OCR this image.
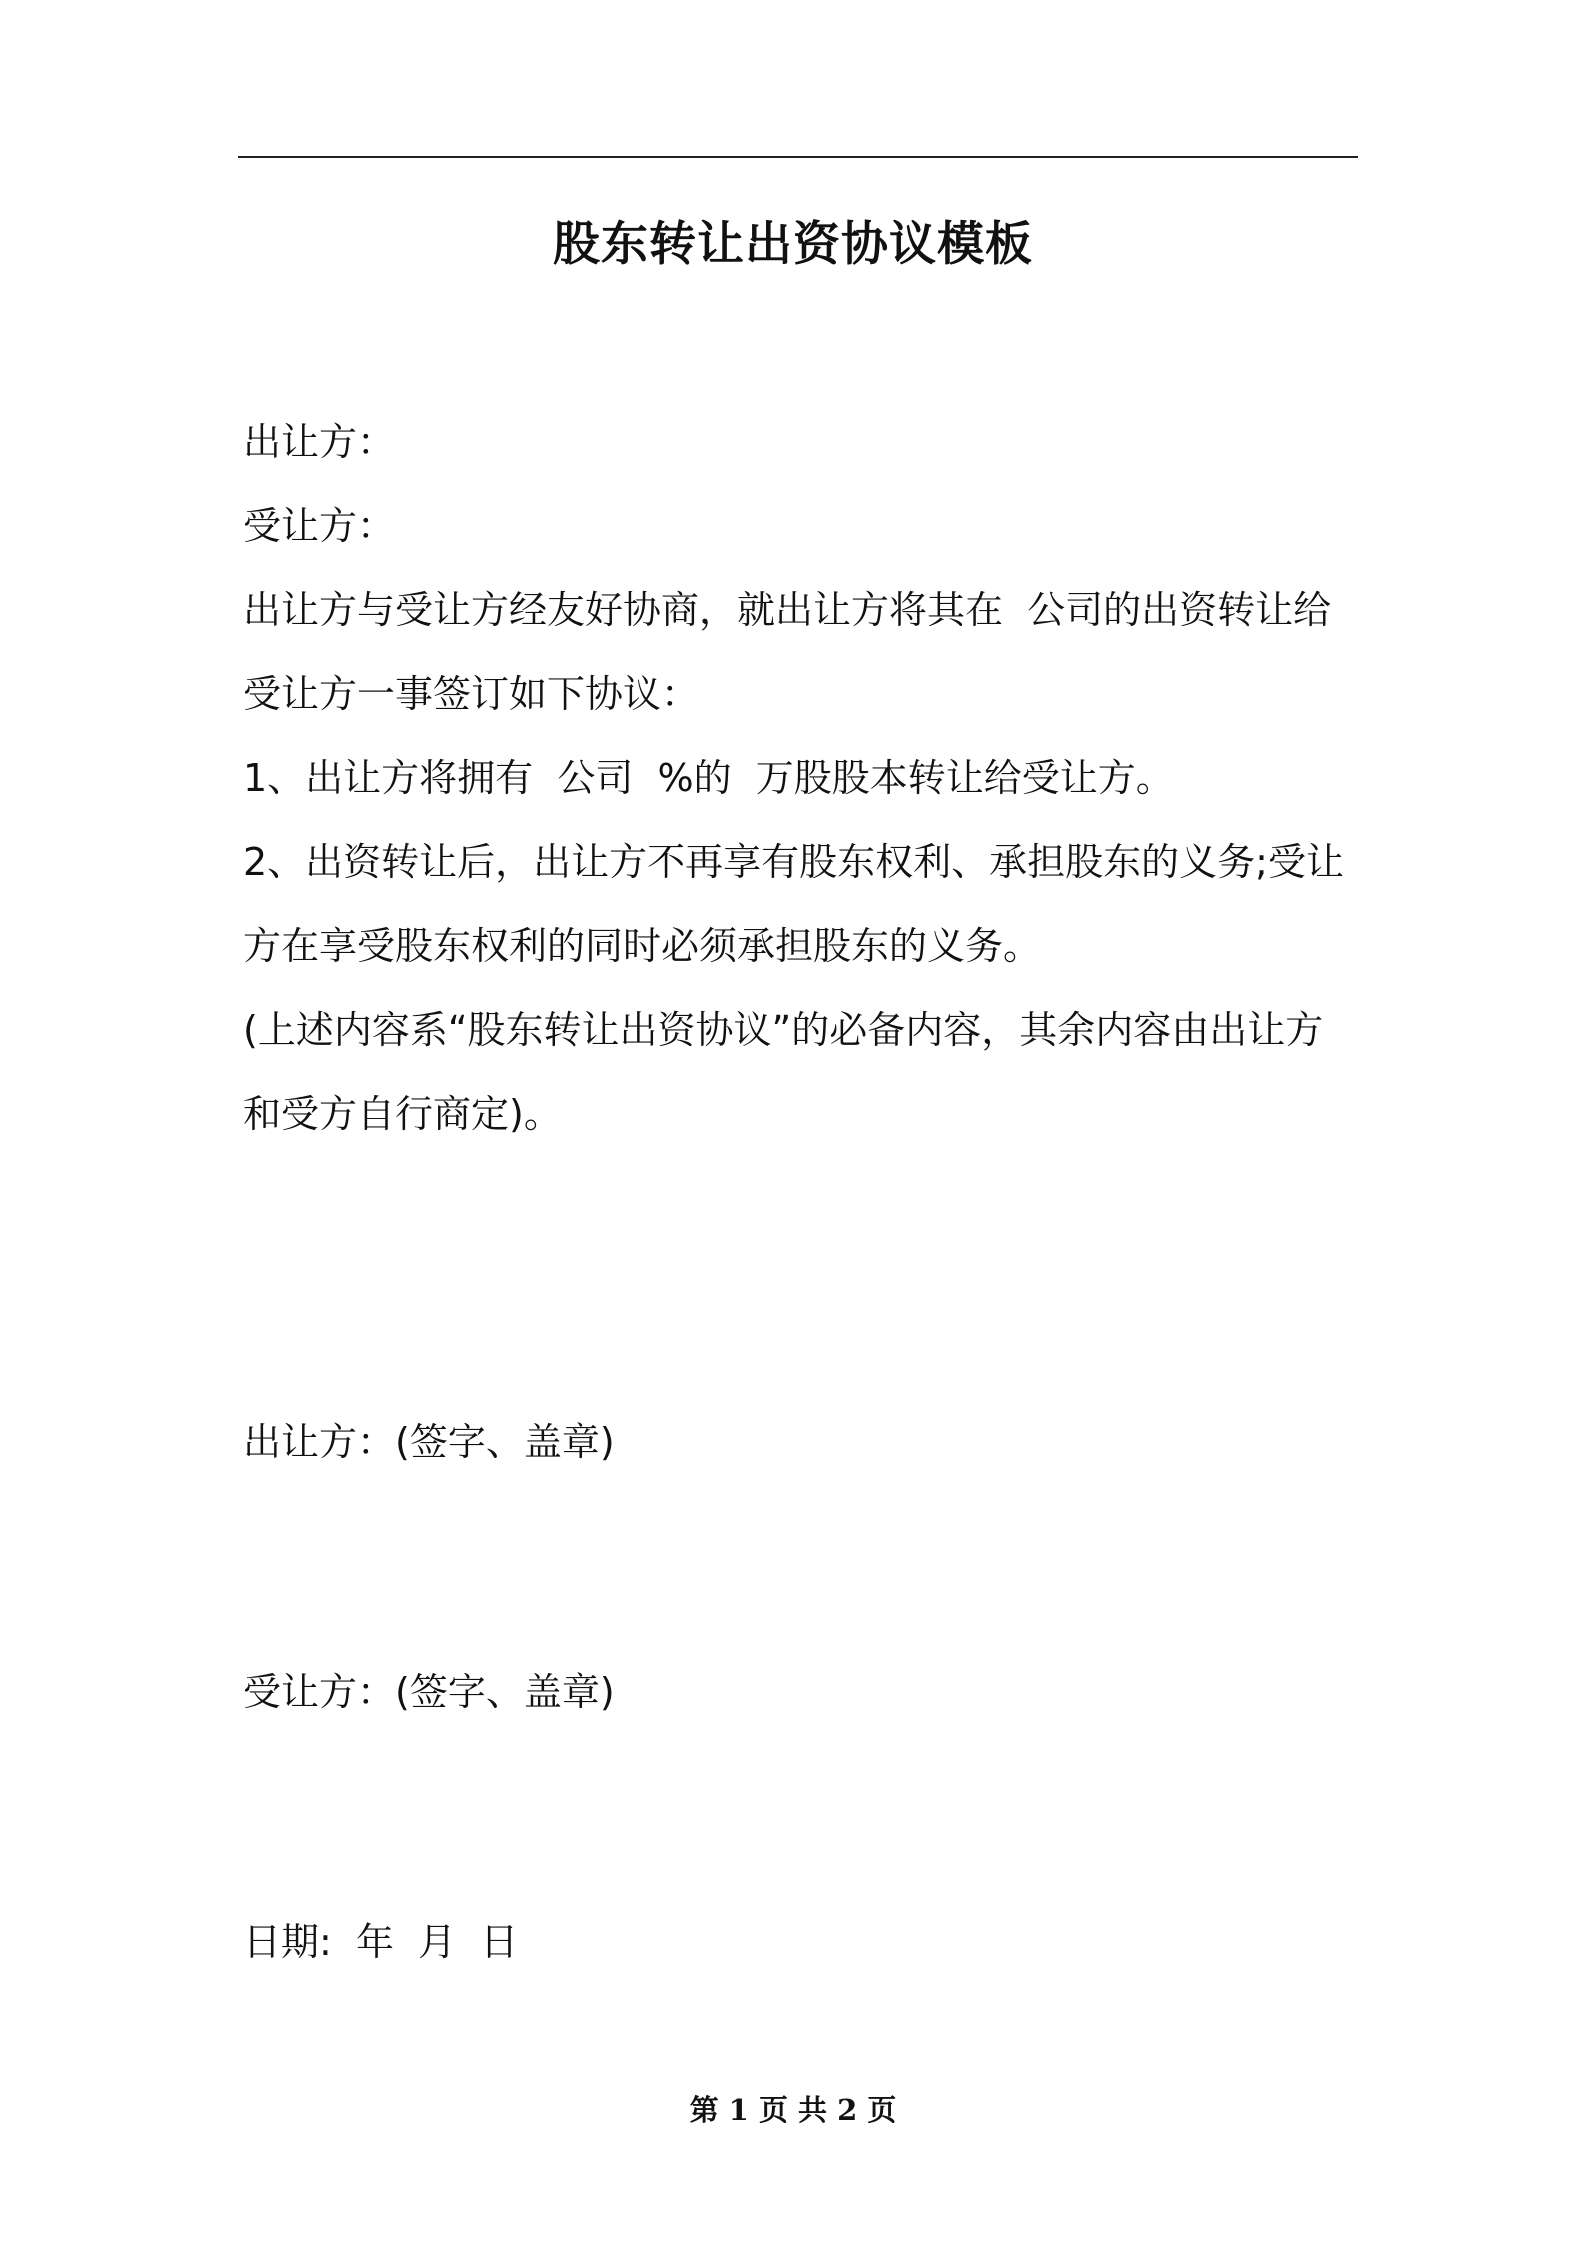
股东转让出资协议模板

出让方：

受让方：

出让方与受让方经友好协商，就出让方将其在  公司的出资转让给受让方一事签订如下协议：

1、出让方将拥有  公司  %的  万股股本转让给受让方。

2、出资转让后，出让方不再享有股东权利、承担股东的义务;受让方在享受股东权利的同时必须承担股东的义务。

(上述内容系“股东转让出资协议”的必备内容，其余内容由出让方和受方自行商定)。

出让方：(签字、盖章)
受让方：(签字、盖章)
日期:  年  月  日
第 1 页 共 2 页
